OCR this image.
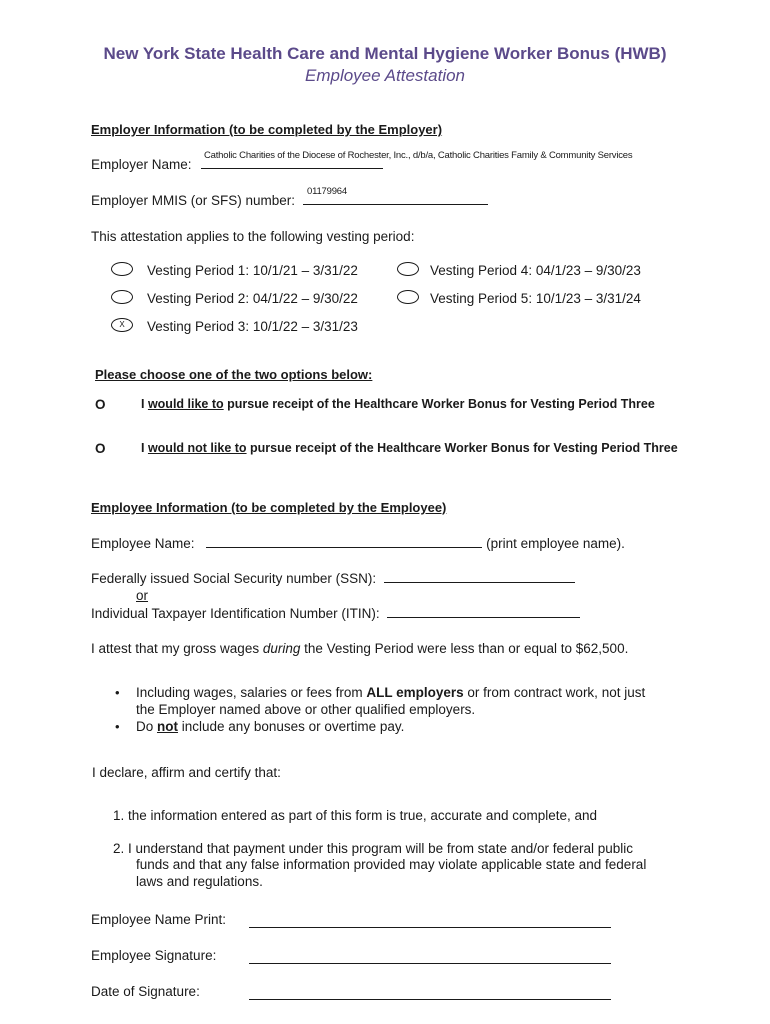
New York State Health Care and Mental Hygiene Worker Bonus (HWB)
Employee Attestation
Employer Information (to be completed by the Employer)
Catholic Charities of the Diocese of Rochester, Inc., d/b/a, Catholic Charities Family & Community Services
Employer Name:
01179964
Employer MMIS (or SFS) number:
This attestation applies to the following vesting period:
Vesting Period 1: 10/1/21 – 3/31/22
Vesting Period 2: 04/1/22 – 9/30/22
X	Vesting Period 3: 10/1/22 – 3/31/23
Vesting Period 4: 04/1/23 – 9/30/23
Vesting Period 5: 10/1/23 – 3/31/24
Please choose one of the two options below:
O	I would like to pursue receipt of the Healthcare Worker Bonus for Vesting Period Three
O	I would not like to pursue receipt of the Healthcare Worker Bonus for Vesting Period Three
Employee Information (to be completed by the Employee)
Employee Name:	(print employee name).
Federally issued Social Security number (SSN):
or
Individual Taxpayer Identification Number (ITIN):
I attest that my gross wages during the Vesting Period were less than or equal to $62,500.
• Including wages, salaries or fees from ALL employers or from contract work, not just
the Employer named above or other qualified employers.
• Do not include any bonuses or overtime pay.
I declare, affirm and certify that:
1. the information entered as part of this form is true, accurate and complete, and
2. I understand that payment under this program will be from state and/or federal public
funds and that any false information provided may violate applicable state and federal
laws and regulations.
Employee Name Print:
Employee Signature:
Date of Signature:
